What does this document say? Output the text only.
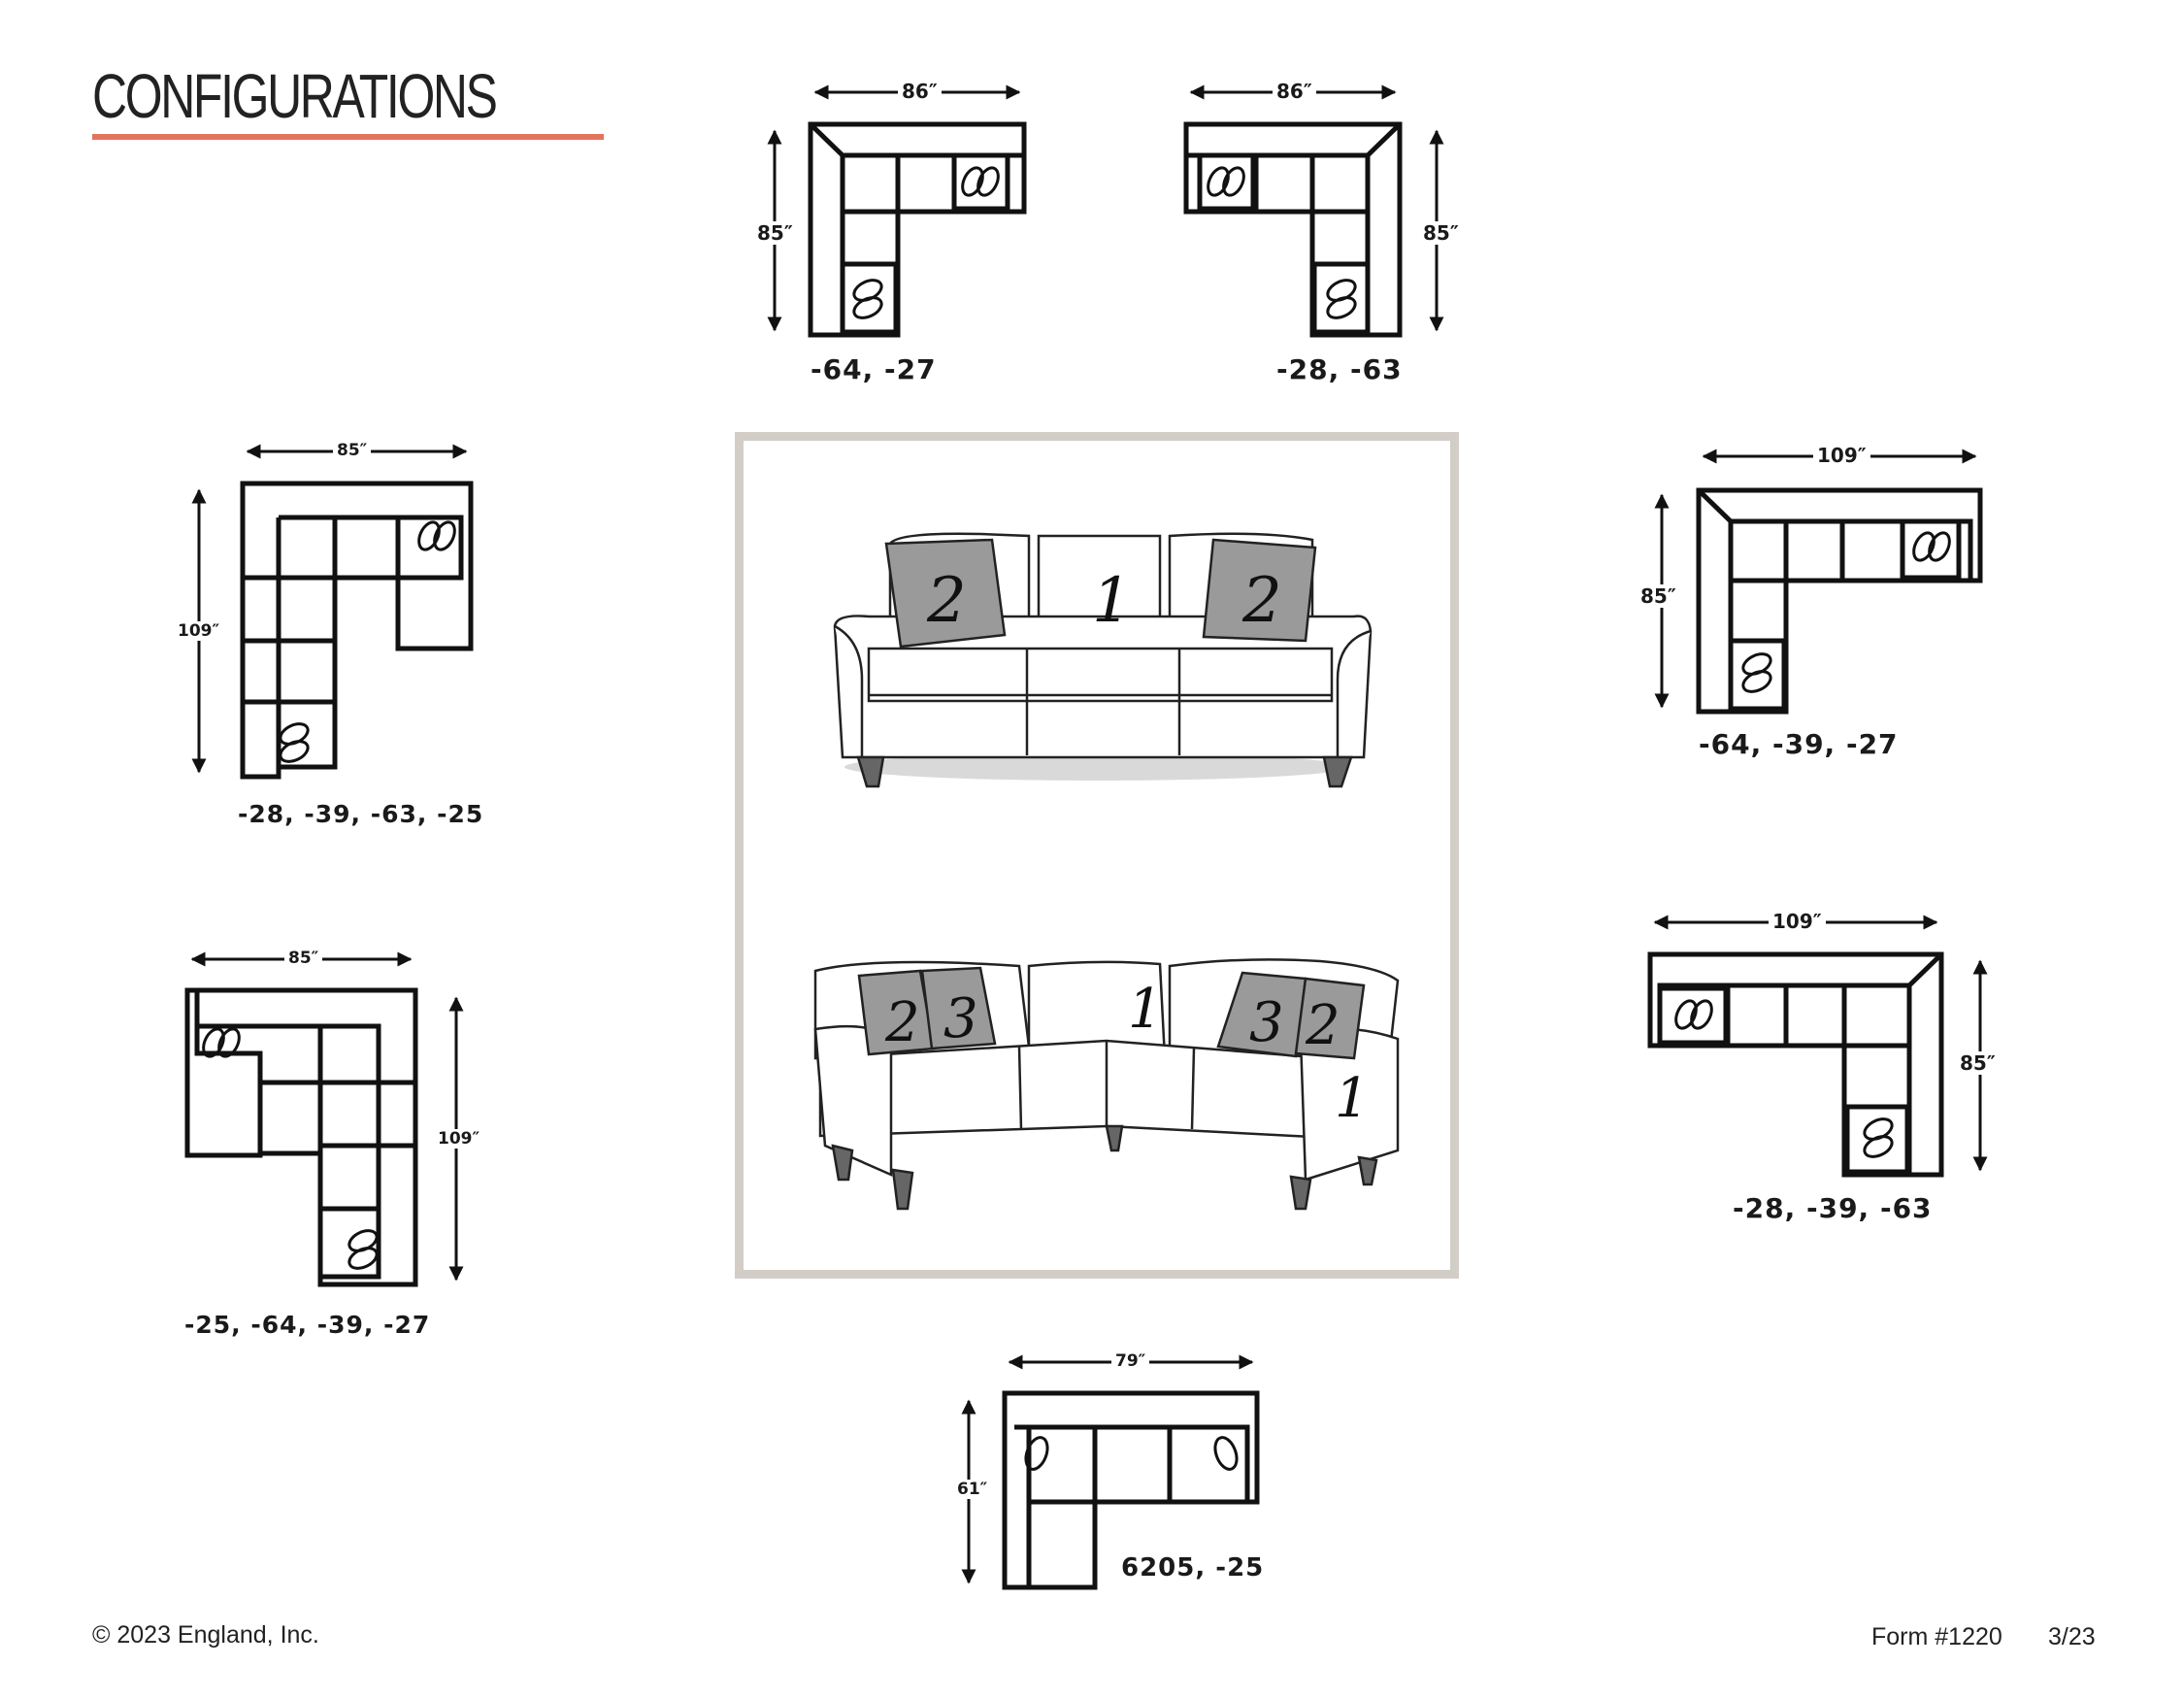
CONFIGURATIONS
2 1 2
2 3	1 3 2
1
86″
85″
86″
85″
85″
109″
109″
85″
85″
109″
109″
85″
79″
61″
-64, -27	-28, -63
-28, -39, -63, -25
-64, -39, -27
-25, -64, -39, -27
-28, -39, -63
6205, -25
© 2023 England, Inc.	Form #1220 3/23
